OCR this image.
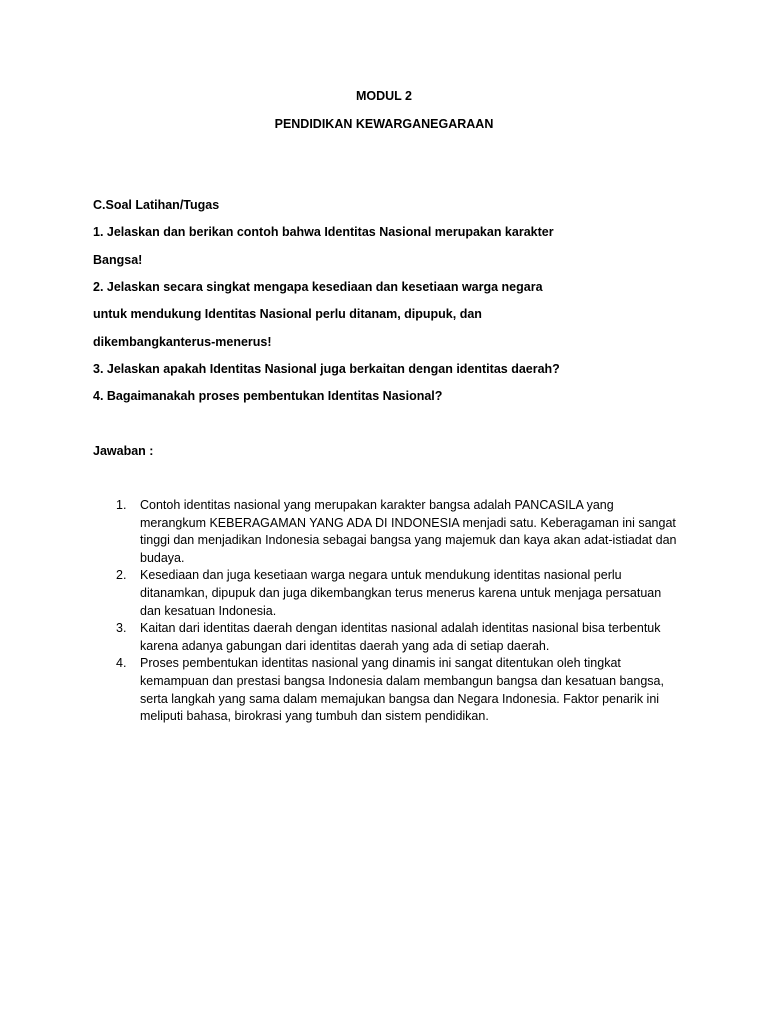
MODUL 2
PENDIDIKAN KEWARGANEGARAAN
C.Soal Latihan/Tugas
1. Jelaskan dan berikan contoh bahwa Identitas Nasional merupakan karakter
Bangsa!
2. Jelaskan secara singkat mengapa kesediaan dan kesetiaan warga negara
untuk mendukung Identitas Nasional perlu ditanam, dipupuk, dan
dikembangkanterus-menerus!
3. Jelaskan apakah Identitas Nasional juga berkaitan dengan identitas daerah?
4. Bagaimanakah proses pembentukan Identitas Nasional?
Jawaban :
1. Contoh identitas nasional yang merupakan karakter bangsa adalah PANCASILA yang merangkum KEBERAGAMAN YANG ADA DI INDONESIA menjadi satu. Keberagaman ini sangat tinggi dan menjadikan Indonesia sebagai bangsa yang majemuk dan kaya akan adat-istiadat dan budaya.
2. Kesediaan dan juga kesetiaan warga negara untuk mendukung identitas nasional perlu ditanamkan, dipupuk dan juga dikembangkan terus menerus karena untuk menjaga persatuan dan kesatuan Indonesia.
3. Kaitan dari identitas daerah dengan identitas nasional adalah identitas nasional bisa terbentuk karena adanya gabungan dari identitas daerah yang ada di setiap daerah.
4. Proses pembentukan identitas nasional yang dinamis ini sangat ditentukan oleh tingkat kemampuan dan prestasi bangsa Indonesia dalam membangun bangsa dan kesatuan bangsa, serta langkah yang sama dalam memajukan bangsa dan Negara Indonesia. Faktor penarik ini meliputi bahasa, birokrasi yang tumbuh dan sistem pendidikan.
